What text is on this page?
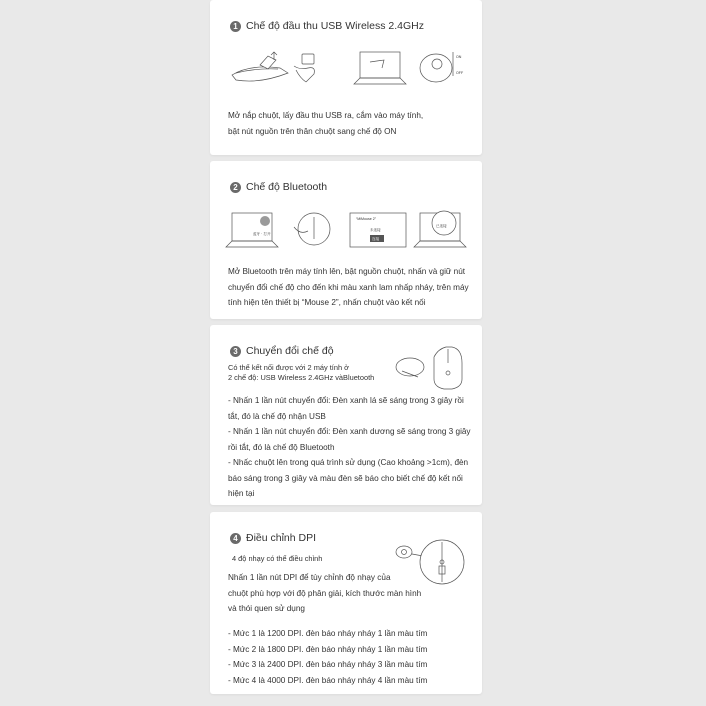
1 Chế độ đầu thu USB Wireless 2.4GHz
ON
OFF
Mở nắp chuột, lấy đầu thu USB ra, cắm vào máy tính,
bật nút nguồn trên thân chuột sang chế độ ON
2 Chế độ Bluetooth
蓝牙 · 打开
“MiMouse 2”
未连接
连接
已连接
Mở Bluetooth trên máy tính lên, bật nguồn chuột, nhấn và giữ nút
chuyển đổi chế độ cho đến khi màu xanh lam nhấp nháy, trên máy
tính hiện tên thiết bị “Mouse 2”, nhấn chuột vào kết nối
3 Chuyển đổi chế độ
Có thể kết nối được với 2 máy tính ở
2 chế độ: USB Wireless 2.4GHz vàBluetooth
- Nhấn 1 lần nút chuyển đổi: Đèn xanh lá sẽ sáng trong 3 giây rồi tắt, đó là chế độ nhận USB
- Nhấn 1 lần nút chuyển đổi: Đèn xanh dương sẽ sáng trong 3 giây rồi tắt, đó là chế độ Bluetooth
- Nhấc chuột lên trong quá trình sử dụng (Cao khoảng >1cm), đèn báo sáng trong 3 giây và màu đèn sẽ báo cho biết chế độ kết nối hiện tại
4 Điều chỉnh DPI
4 độ nhạy có thể điều chỉnh
Nhấn 1 lần nút DPI để tùy chỉnh độ nhạy của
chuột phù hợp với độ phân giải, kích thước màn hình
và thói quen sử dụng
- Mức 1 là 1200 DPI. đèn báo nháy nháy 1 lần màu tím
- Mức 2 là 1800 DPI. đèn báo nháy nháy 1 lần màu tím
- Mức 3 là 2400 DPI. đèn báo nháy nháy 3 lần màu tím
- Mức 4 là 4000 DPI. đèn báo nháy nháy 4 lần màu tím
